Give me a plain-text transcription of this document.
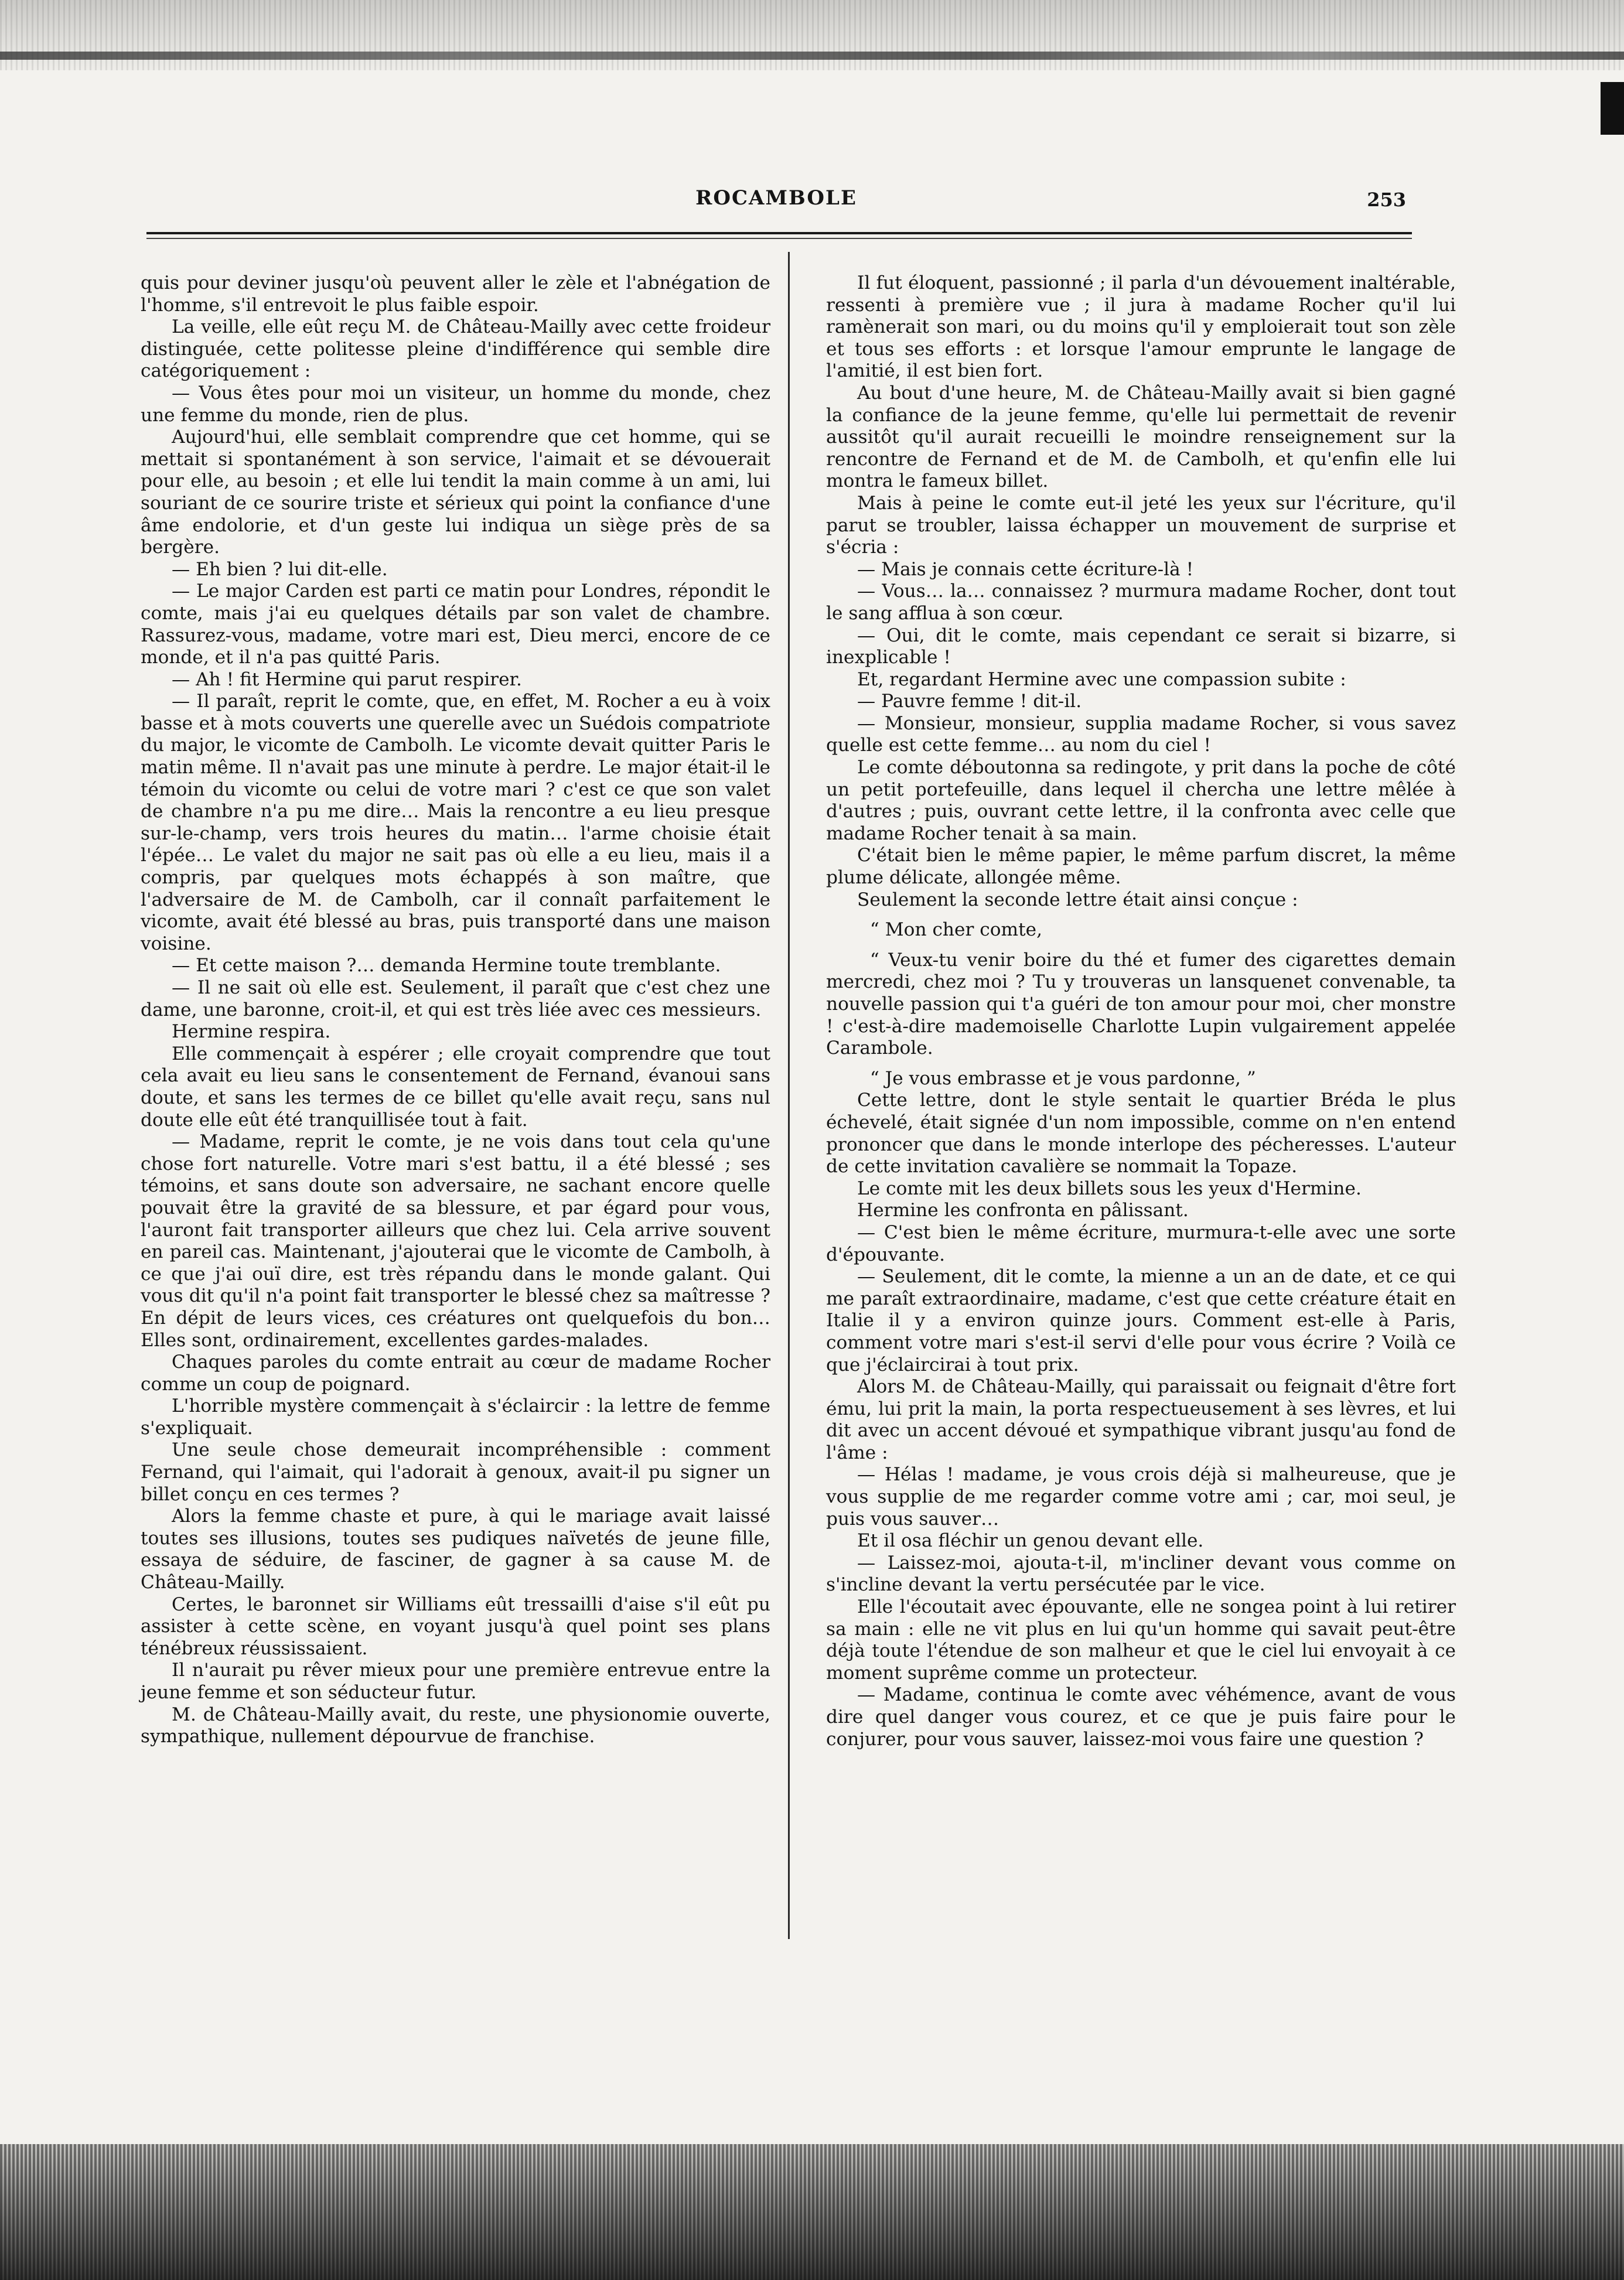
ROCAMBOLE	253

quis pour deviner jusqu'où peuvent aller le zèle et l'abnégation de l'homme, s'il entrevoit le plus faible espoir.

La veille, elle eût reçu M. de Château-Mailly avec cette froideur distinguée, cette politesse pleine d'indifférence qui semble dire catégoriquement :

— Vous êtes pour moi un visiteur, un homme du monde, chez une femme du monde, rien de plus.

Aujourd'hui, elle semblait comprendre que cet homme, qui se mettait si spontanément à son service, l'aimait et se dévouerait pour elle, au besoin ; et elle lui tendit la main comme à un ami, lui souriant de ce sourire triste et sérieux qui point la confiance d'une âme endolorie, et d'un geste lui indiqua un siège près de sa bergère.

— Eh bien ? lui dit-elle.

— Le major Carden est parti ce matin pour Londres, répondit le comte, mais j'ai eu quelques détails par son valet de chambre. Rassurez-vous, madame, votre mari est, Dieu merci, encore de ce monde, et il n'a pas quitté Paris.

— Ah ! fit Hermine qui parut respirer.

— Il paraît, reprit le comte, que, en effet, M. Rocher a eu à voix basse et à mots couverts une querelle avec un Suédois compatriote du major, le vicomte de Cambolh. Le vicomte devait quitter Paris le matin même. Il n'avait pas une minute à perdre. Le major était-il le témoin du vicomte ou celui de votre mari ? c'est ce que son valet de chambre n'a pu me dire… Mais la rencontre a eu lieu presque sur-le-champ, vers trois heures du matin… l'arme choisie était l'épée… Le valet du major ne sait pas où elle a eu lieu, mais il a compris, par quelques mots échappés à son maître, que l'adversaire de M. de Cambolh, car il connaît parfaitement le vicomte, avait été blessé au bras, puis transporté dans une maison voisine.

— Et cette maison ?… demanda Hermine toute tremblante.

— Il ne sait où elle est. Seulement, il paraît que c'est chez une dame, une baronne, croit-il, et qui est très liée avec ces messieurs.

Hermine respira.

Elle commençait à espérer ; elle croyait comprendre que tout cela avait eu lieu sans le consentement de Fernand, évanoui sans doute, et sans les termes de ce billet qu'elle avait reçu, sans nul doute elle eût été tranquillisée tout à fait.

— Madame, reprit le comte, je ne vois dans tout cela qu'une chose fort naturelle. Votre mari s'est battu, il a été blessé ; ses témoins, et sans doute son adversaire, ne sachant encore quelle pouvait être la gravité de sa blessure, et par égard pour vous, l'auront fait transporter ailleurs que chez lui. Cela arrive souvent en pareil cas. Maintenant, j'ajouterai que le vicomte de Cambolh, à ce que j'ai ouï dire, est très répandu dans le monde galant. Qui vous dit qu'il n'a point fait transporter le blessé chez sa maîtresse ? En dépit de leurs vices, ces créatures ont quelquefois du bon… Elles sont, ordinairement, excellentes gardes-malades.

Chaques paroles du comte entrait au cœur de madame Rocher comme un coup de poignard.

L'horrible mystère commençait à s'éclaircir : la lettre de femme s'expliquait.

Une seule chose demeurait incompréhensible : comment Fernand, qui l'aimait, qui l'adorait à genoux, avait-il pu signer un billet conçu en ces termes ?

Alors la femme chaste et pure, à qui le mariage avait laissé toutes ses illusions, toutes ses pudiques naïvetés de jeune fille, essaya de séduire, de fasciner, de gagner à sa cause M. de Château-Mailly.

Certes, le baronnet sir Williams eût tressailli d'aise s'il eût pu assister à cette scène, en voyant jusqu'à quel point ses plans ténébreux réussissaient.

Il n'aurait pu rêver mieux pour une première entrevue entre la jeune femme et son séducteur futur.

M. de Château-Mailly avait, du reste, une physionomie ouverte, sympathique, nullement dépourvue de franchise.

Il fut éloquent, passionné ; il parla d'un dévouement inaltérable, ressenti à première vue ; il jura à madame Rocher qu'il lui ramènerait son mari, ou du moins qu'il y emploierait tout son zèle et tous ses efforts : et lorsque l'amour emprunte le langage de l'amitié, il est bien fort.

Au bout d'une heure, M. de Château-Mailly avait si bien gagné la confiance de la jeune femme, qu'elle lui permettait de revenir aussitôt qu'il aurait recueilli le moindre renseignement sur la rencontre de Fernand et de M. de Cambolh, et qu'enfin elle lui montra le fameux billet.

Mais à peine le comte eut-il jeté les yeux sur l'écriture, qu'il parut se troubler, laissa échapper un mouvement de surprise et s'écria :

— Mais je connais cette écriture-là !

— Vous… la… connaissez ? murmura madame Rocher, dont tout le sang afflua à son cœur.

— Oui, dit le comte, mais cependant ce serait si bizarre, si inexplicable !

Et, regardant Hermine avec une compassion subite :

— Pauvre femme ! dit-il.

— Monsieur, monsieur, supplia madame Rocher, si vous savez quelle est cette femme… au nom du ciel !

Le comte déboutonna sa redingote, y prit dans la poche de côté un petit portefeuille, dans lequel il chercha une lettre mêlée à d'autres ; puis, ouvrant cette lettre, il la confronta avec celle que madame Rocher tenait à sa main.

C'était bien le même papier, le même parfum discret, la même plume délicate, allongée même.

Seulement la seconde lettre était ainsi conçue :

“ Mon cher comte,

“ Veux-tu venir boire du thé et fumer des cigarettes demain mercredi, chez moi ? Tu y trouveras un lansquenet convenable, ta nouvelle passion qui t'a guéri de ton amour pour moi, cher monstre ! c'est-à-dire mademoiselle Charlotte Lupin vulgairement appelée Carambole.

“ Je vous embrasse et je vous pardonne, ”

Cette lettre, dont le style sentait le quartier Bréda le plus échevelé, était signée d'un nom impossible, comme on n'en entend prononcer que dans le monde interlope des pécheresses. L'auteur de cette invitation cavalière se nommait la Topaze.

Le comte mit les deux billets sous les yeux d'Hermine.

Hermine les confronta en pâlissant.

— C'est bien le même écriture, murmura-t-elle avec une sorte d'épouvante.

— Seulement, dit le comte, la mienne a un an de date, et ce qui me paraît extraordinaire, madame, c'est que cette créature était en Italie il y a environ quinze jours. Comment est-elle à Paris, comment votre mari s'est-il servi d'elle pour vous écrire ? Voilà ce que j'éclaircirai à tout prix.

Alors M. de Château-Mailly, qui paraissait ou feignait d'être fort ému, lui prit la main, la porta respectueusement à ses lèvres, et lui dit avec un accent dévoué et sympathique vibrant jusqu'au fond de l'âme :

— Hélas ! madame, je vous crois déjà si malheureuse, que je vous supplie de me regarder comme votre ami ; car, moi seul, je puis vous sauver…

Et il osa fléchir un genou devant elle.

— Laissez-moi, ajouta-t-il, m'incliner devant vous comme on s'incline devant la vertu persécutée par le vice.

Elle l'écoutait avec épouvante, elle ne songea point à lui retirer sa main : elle ne vit plus en lui qu'un homme qui savait peut-être déjà toute l'étendue de son malheur et que le ciel lui envoyait à ce moment suprême comme un protecteur.

— Madame, continua le comte avec véhémence, avant de vous dire quel danger vous courez, et ce que je puis faire pour le conjurer, pour vous sauver, laissez-moi vous faire une question ?
